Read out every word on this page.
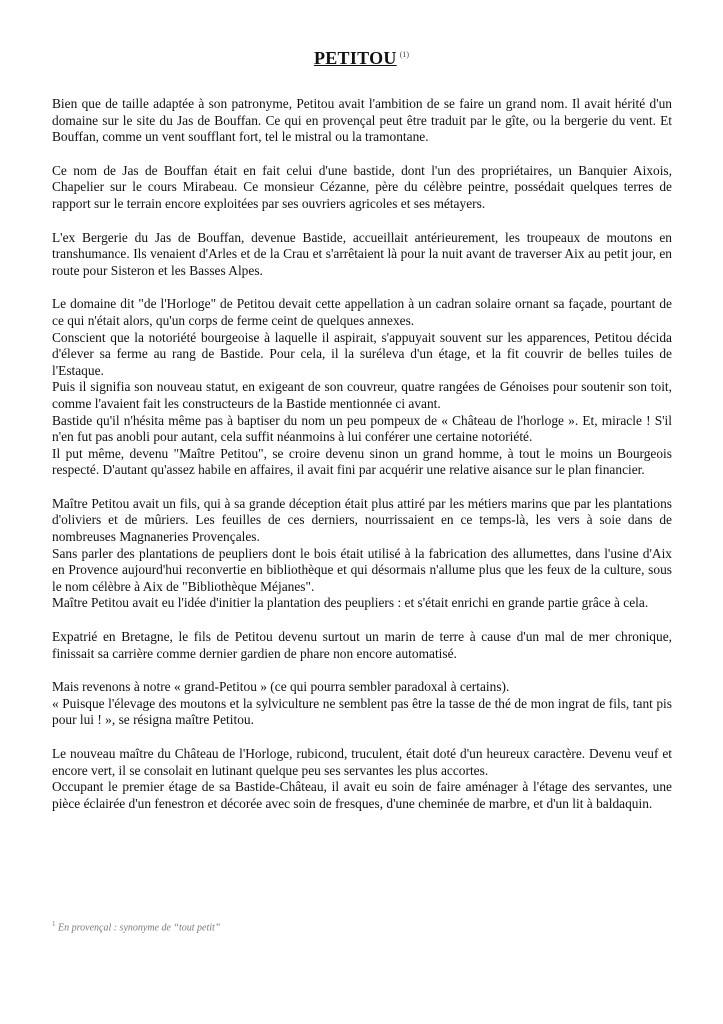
PETITOU $^{(1)}$

Bien que de taille adaptée à son patronyme, Petitou avait l'ambition de se faire un grand nom. Il avait hérité d'un domaine sur le site du Jas de Bouffan. Ce qui en provençal peut être traduit par le gîte, ou la bergerie du vent. Et Bouffan, comme un vent soufflant fort, tel le mistral ou la tramontane.

Ce nom de Jas de Bouffan était en fait celui d'une bastide, dont l'un des propriétaires, un Banquier Aixois, Chapelier sur le cours Mirabeau. Ce monsieur Cézanne, père du célèbre peintre, possédait quelques terres de rapport sur le terrain encore exploitées par ses ouvriers agricoles et ses métayers.

L'ex Bergerie du Jas de Bouffan, devenue Bastide, accueillait antérieurement, les troupeaux de moutons en transhumance. Ils venaient d'Arles et de la Crau et s'arrêtaient là pour la nuit avant de traverser Aix au petit jour, en route pour Sisteron et les Basses Alpes.

Le domaine dit "de l'Horloge" de Petitou devait cette appellation à un cadran solaire ornant sa façade, pourtant de ce qui n'était alors, qu'un corps de ferme ceint de quelques annexes.

Conscient que la notoriété bourgeoise à laquelle il aspirait, s'appuyait souvent sur les apparences, Petitou décida d'élever sa ferme au rang de Bastide. Pour cela, il la suréleva d'un étage, et la fit couvrir de belles tuiles de l'Estaque.

Puis il signifia son nouveau statut, en exigeant de son couvreur, quatre rangées de Génoises pour soutenir son toit, comme l'avaient fait les constructeurs de la Bastide mentionnée ci avant.

Bastide qu'il n'hésita même pas à baptiser du nom un peu pompeux de « Château de l'horloge ». Et, miracle ! S'il n'en fut pas anobli pour autant, cela suffit néanmoins à lui conférer une certaine notoriété.

Il put même, devenu "Maître Petitou", se croire devenu sinon un grand homme, à tout le moins un Bourgeois respecté. D'autant qu'assez habile en affaires, il avait fini par acquérir une relative aisance sur le plan financier.

Maître Petitou avait un fils, qui à sa grande déception était plus attiré par les métiers marins que par les plantations d'oliviers et de mûriers. Les feuilles de ces derniers, nourrissaient en ce temps-là, les vers à soie dans de nombreuses Magnaneries Provençales.

Sans parler des plantations de peupliers dont le bois était utilisé à la fabrication des allumettes, dans l'usine d'Aix en Provence aujourd'hui reconvertie en bibliothèque et qui désormais n'allume plus que les feux de la culture, sous le nom célèbre à Aix de "Bibliothèque Méjanes".

Maître Petitou avait eu l'idée d'initier la plantation des peupliers : et s'était enrichi en grande partie grâce à cela.

Expatrié en Bretagne, le fils de Petitou devenu surtout un marin de terre à cause d'un mal de mer chronique, finissait sa carrière comme dernier gardien de phare non encore automatisé.

Mais revenons à notre « grand-Petitou » (ce qui pourra sembler paradoxal à certains).

« Puisque l'élevage des moutons et la sylviculture ne semblent pas être la tasse de thé de mon ingrat de fils, tant pis pour lui ! », se résigna maître Petitou.

Le nouveau maître du Château de l'Horloge, rubicond, truculent, était doté d'un heureux caractère. Devenu veuf et encore vert, il se consolait en lutinant quelque peu ses servantes les plus accortes.

Occupant le premier étage de sa Bastide-Château, il avait eu soin de faire aménager à l'étage des servantes, une pièce éclairée d'un fenestron et décorée avec soin de fresques, d'une cheminée de marbre, et d'un lit à baldaquin.

$^1$ En provençal : synonyme de “tout petit”
